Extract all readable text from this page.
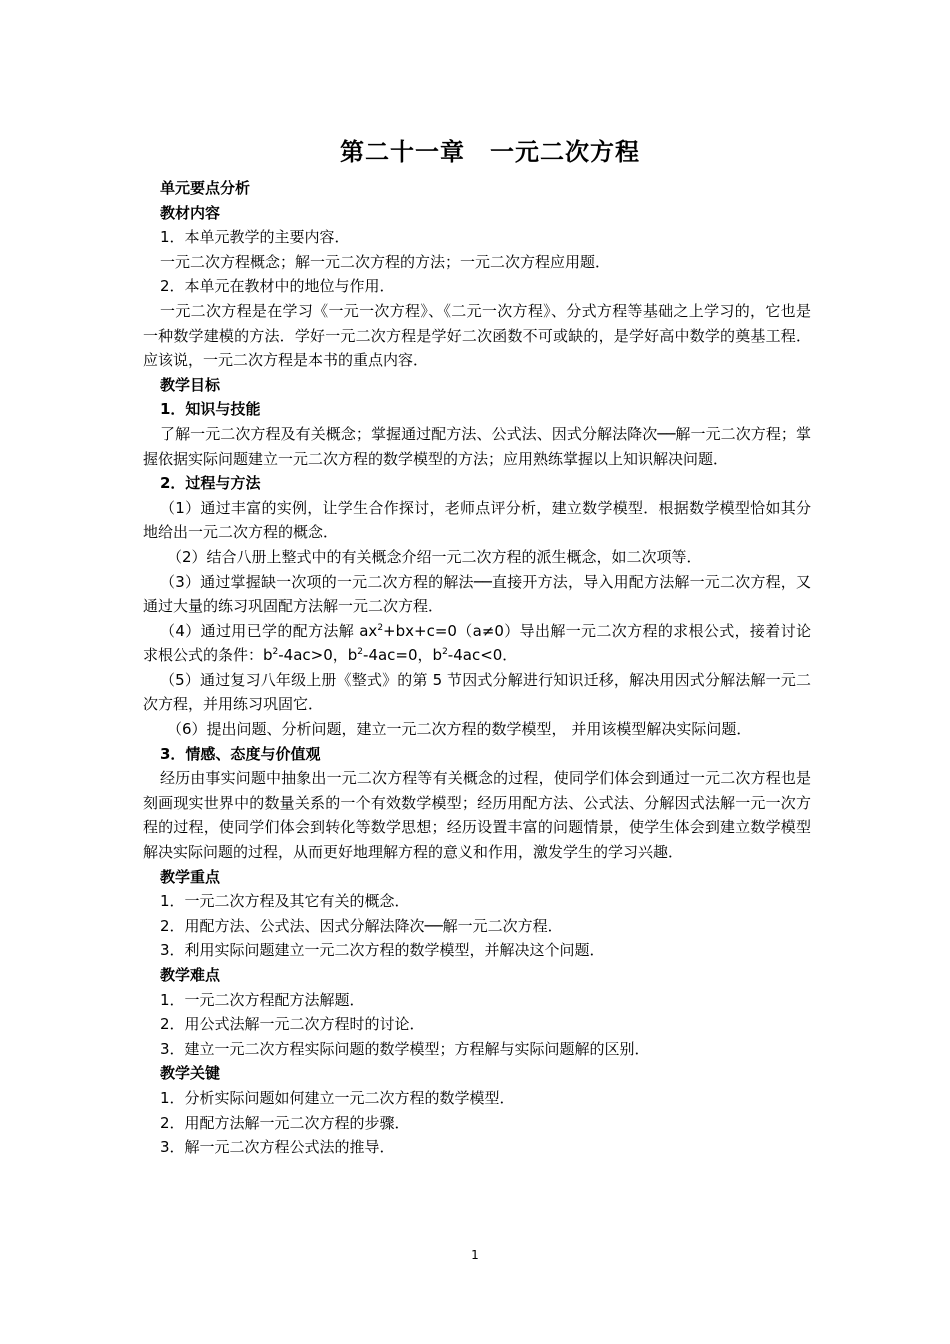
第二十一章　一元二次方程

单元要点分析

教材内容

1．本单元教学的主要内容．

一元二次方程概念；解一元二次方程的方法；一元二次方程应用题．

2．本单元在教材中的地位与作用．

一元二次方程是在学习《一元一次方程》、《二元一次方程》、分式方程等基础之上学习的，它也是一种数学建模的方法．学好一元二次方程是学好二次函数不可或缺的，是学好高中数学的奠基工程．应该说，一元二次方程是本书的重点内容．

教学目标

1．知识与技能

了解一元二次方程及有关概念；掌握通过配方法、公式法、因式分解法降次──解一元二次方程；掌握依据实际问题建立一元二次方程的数学模型的方法；应用熟练掌握以上知识解决问题．

2．过程与方法

（1）通过丰富的实例，让学生合作探讨，老师点评分析，建立数学模型．根据数学模型恰如其分地给出一元二次方程的概念．

（2）结合八册上整式中的有关概念介绍一元二次方程的派生概念，如二次项等．

（3）通过掌握缺一次项的一元二次方程的解法──直接开方法，导入用配方法解一元二次方程，又通过大量的练习巩固配方法解一元二次方程．

（4）通过用已学的配方法解 $ax^2+bx+c=0(a\ne 0)$导出解一元二次方程的求根公式，接着讨论求根公式的条件：$b^2-4ac>0$，$b^2-4ac=0$，$b^2-4ac<0$．

（5）通过复习八年级上册《整式》的第 5 节因式分解进行知识迁移，解决用因式分解法解一元二次方程，并用练习巩固它．

（6）提出问题、分析问题，建立一元二次方程的数学模型， 并用该模型解决实际问题．

3．情感、态度与价值观

经历由事实问题中抽象出一元二次方程等有关概念的过程，使同学们体会到通过一元二次方程也是刻画现实世界中的数量关系的一个有效数学模型；经历用配方法、公式法、分解因式法解一元一次方程的过程，使同学们体会到转化等数学思想；经历设置丰富的问题情景，使学生体会到建立数学模型解决实际问题的过程，从而更好地理解方程的意义和作用，激发学生的学习兴趣．

教学重点

1．一元二次方程及其它有关的概念．

2．用配方法、公式法、因式分解法降次──解一元二次方程．

3．利用实际问题建立一元二次方程的数学模型，并解决这个问题．

教学难点

1．一元二次方程配方法解题．

2．用公式法解一元二次方程时的讨论．

3．建立一元二次方程实际问题的数学模型；方程解与实际问题解的区别．

教学关键

1．分析实际问题如何建立一元二次方程的数学模型．

2．用配方法解一元二次方程的步骤．

3．解一元二次方程公式法的推导．

1
